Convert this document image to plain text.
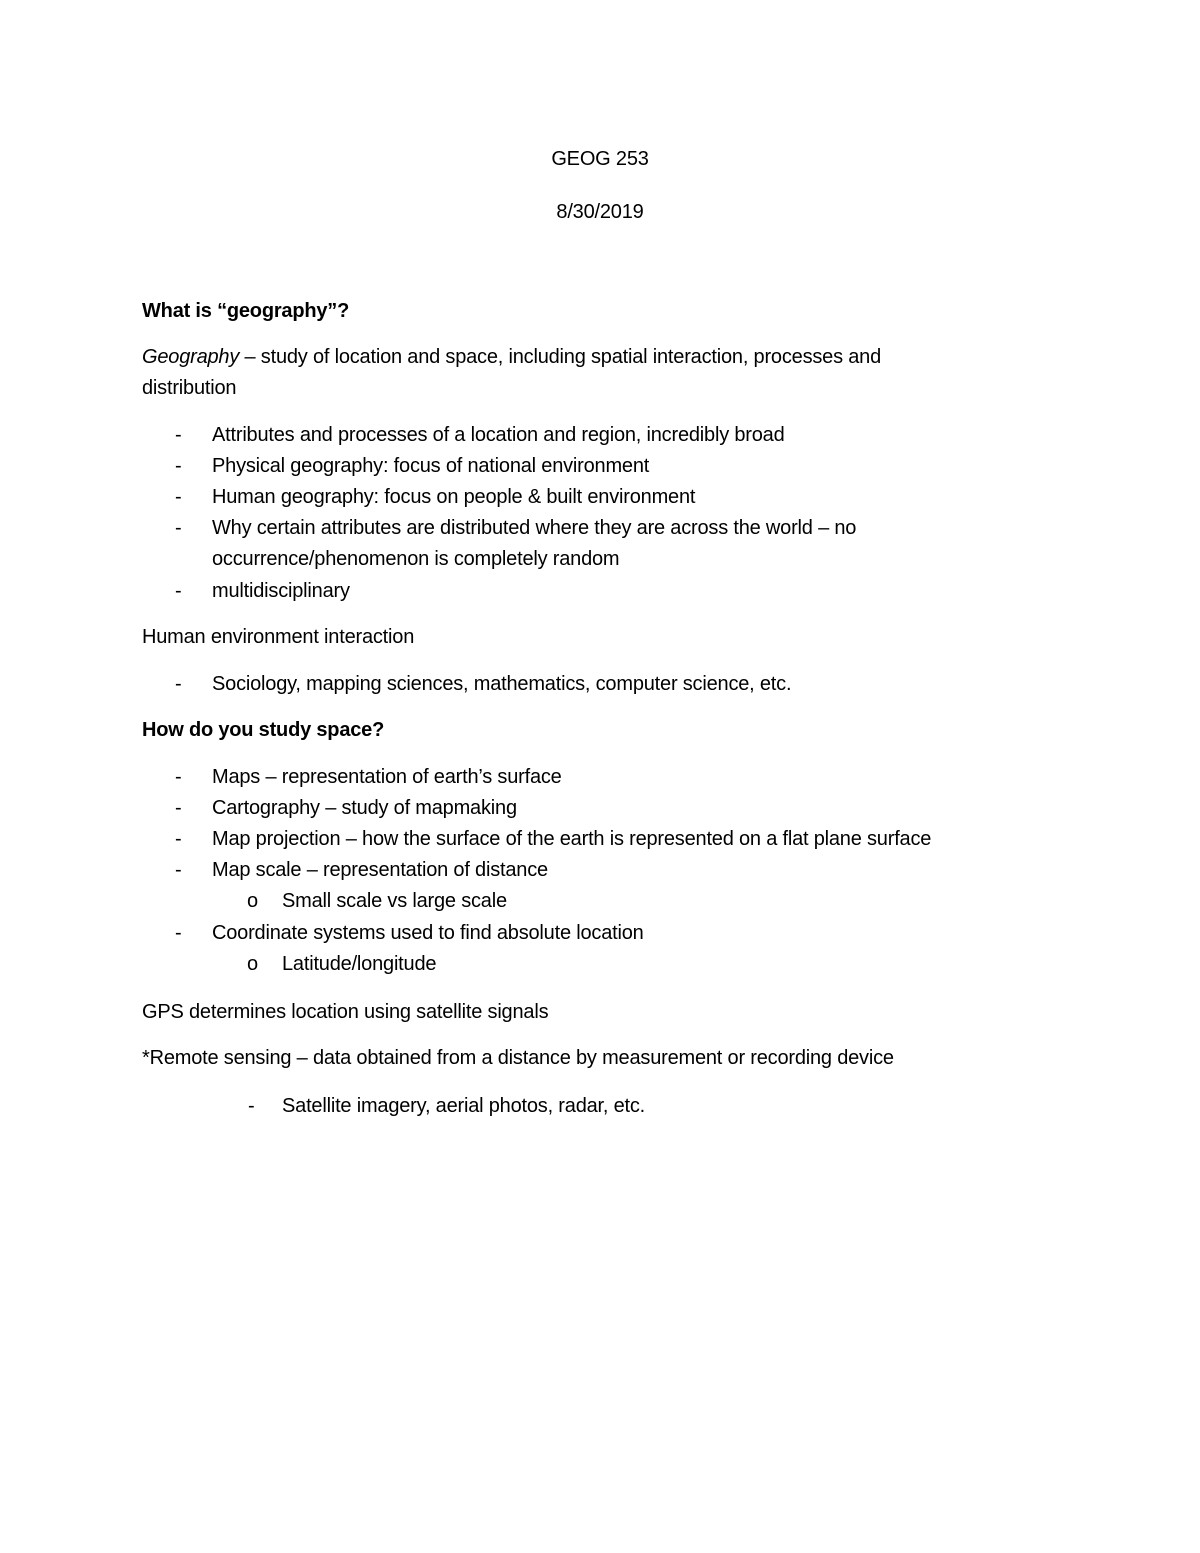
GEOG 253
8/30/2019
What is “geography”?
Geography – study of location and space, including spatial interaction, processes and
distribution
- Attributes and processes of a location and region, incredibly broad
- Physical geography: focus of national environment
- Human geography: focus on people & built environment
- Why certain attributes are distributed where they are across the world – no
occurrence/phenomenon is completely random
- multidisciplinary
Human environment interaction
- Sociology, mapping sciences, mathematics, computer science, etc.
How do you study space?
- Maps – representation of earth’s surface
- Cartography – study of mapmaking
- Map projection – how the surface of the earth is represented on a flat plane surface
- Map scale – representation of distance
o Small scale vs large scale
- Coordinate systems used to find absolute location
o Latitude/longitude
GPS determines location using satellite signals
*Remote sensing – data obtained from a distance by measurement or recording device
- Satellite imagery, aerial photos, radar, etc.
